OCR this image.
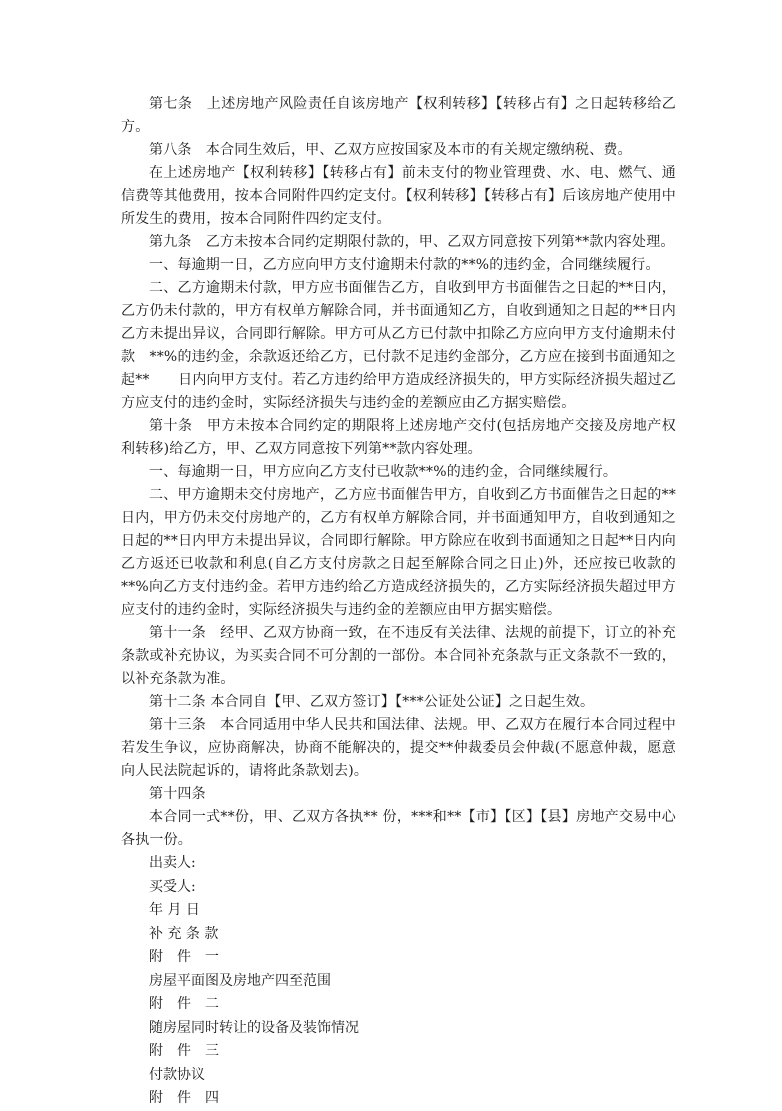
第七条　上述房地产风险责任自该房地产【权利转移】【转移占有】之日起转移给乙方。

第八条　本合同生效后，甲、乙双方应按国家及本市的有关规定缴纳税、费。

在上述房地产【权利转移】【转移占有】前未支付的物业管理费、水、电、燃气、通信费等其他费用，按本合同附件四约定支付。【权利转移】【转移占有】后该房地产使用中所发生的费用，按本合同附件四约定支付。

第九条　乙方未按本合同约定期限付款的，甲、乙双方同意按下列第**款内容处理。

一、每逾期一日，乙方应向甲方支付逾期未付款的**%的违约金，合同继续履行。

二、乙方逾期未付款，甲方应书面催告乙方，自收到甲方书面催告之日起的**日内，乙方仍未付款的，甲方有权单方解除合同，并书面通知乙方，自收到通知之日起的**日内乙方未提出异议，合同即行解除。甲方可从乙方已付款中扣除乙方应向甲方支付逾期未付款　**%的违约金，余款返还给乙方，已付款不足违约金部分，乙方应在接到书面通知之起**　　日内向甲方支付。若乙方违约给甲方造成经济损失的，甲方实际经济损失超过乙方应支付的违约金时，实际经济损失与违约金的差额应由乙方据实赔偿。

第十条　甲方未按本合同约定的期限将上述房地产交付(包括房地产交接及房地产权利转移)给乙方，甲、乙双方同意按下列第**款内容处理。

一、每逾期一日，甲方应向乙方支付已收款**%的违约金，合同继续履行。

二、甲方逾期未交付房地产，乙方应书面催告甲方，自收到乙方书面催告之日起的**日内，甲方仍未交付房地产的，乙方有权单方解除合同，并书面通知甲方，自收到通知之日起的**日内甲方未提出异议，合同即行解除。甲方除应在收到书面通知之日起**日内向乙方返还已收款和利息(自乙方支付房款之日起至解除合同之日止)外，还应按已收款的**%向乙方支付违约金。若甲方违约给乙方造成经济损失的，乙方实际经济损失超过甲方应支付的违约金时，实际经济损失与违约金的差额应由甲方据实赔偿。

第十一条　经甲、乙双方协商一致，在不违反有关法律、法规的前提下，订立的补充条款或补充协议，为买卖合同不可分割的一部份。本合同补充条款与正文条款不一致的，以补充条款为准。

第十二条 本合同自【甲、乙双方签订】【***公证处公证】之日起生效。

第十三条　本合同适用中华人民共和国法律、法规。甲、乙双方在履行本合同过程中若发生争议，应协商解决，协商不能解决的，提交**仲裁委员会仲裁(不愿意仲裁，愿意向人民法院起诉的，请将此条款划去)。

第十四条

本合同一式**份，甲、乙双方各执** 份，***和**【市】【区】【县】房地产交易中心各执一份。

出卖人:

买受人:

年 月 日

补 充 条 款

附　件　一

房屋平面图及房地产四至范围

附　件　二

随房屋同时转让的设备及装饰情况

附　件　三

付款协议

附　件　四
